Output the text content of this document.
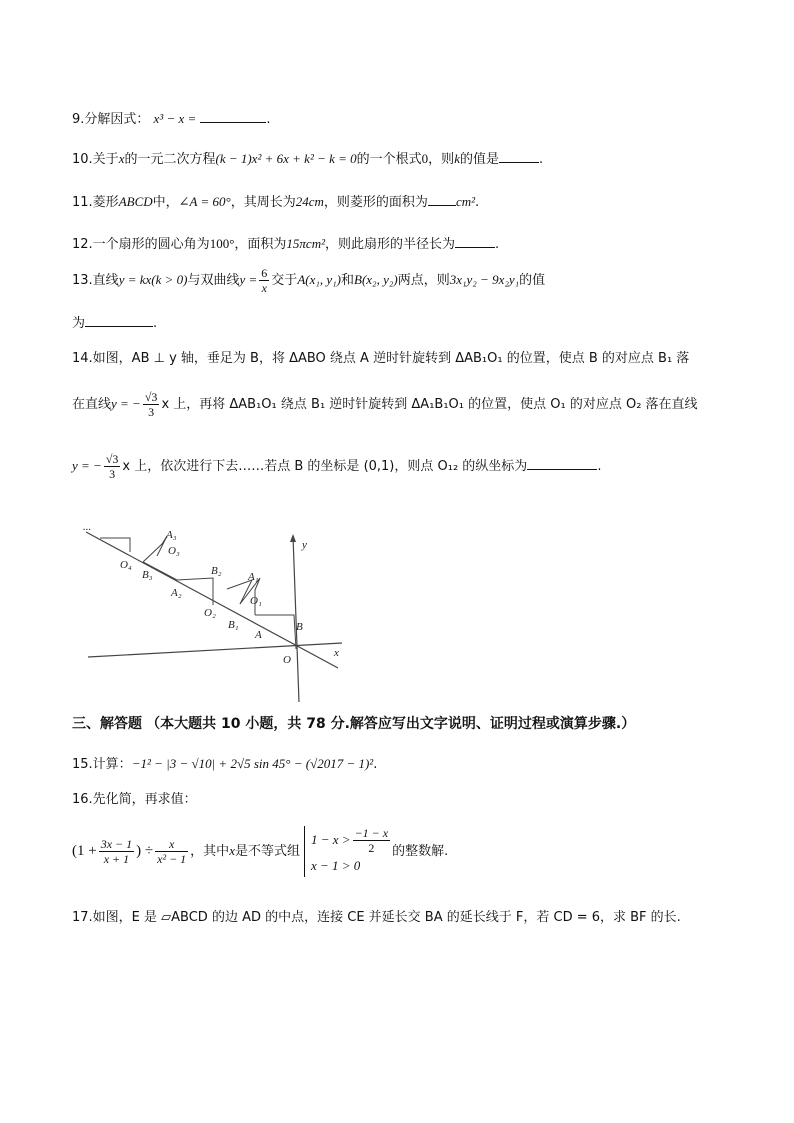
9.分解因式： x³ − x =	.
10.关于x的一元二次方程(k − 1)x² + 6x + k² − k = 0的一个根式0，则k的值是	.
11.菱形ABCD中，∠A = 60°，其周长为24cm，则菱形的面积为 cm².
12.一个扇形的圆心角为100°，面积为15πcm²，则此扇形的半径长为	.
13.直线y = kx(k > 0)与双曲线$y = \frac{6}{x}$ 交于A(x₁, y₁)和B(x₂, y₂)两点，则3x₁y₂ − 9x₂y₁的值
为	.
14.如图，AB ⊥ y 轴，垂足为 B，将 ΔABO 绕点 A 逆时针旋转到 ΔAB₁O₁ 的位置，使点 B 的对应点 B₁ 落
在直线y = − $\frac{√3}{3}$ x 上，再将 ΔAB₁O₁ 绕点 B₁ 逆时针旋转到 ΔA₁B₁O₁ 的位置，使点 O₁ 的对应点 O₂ 落在直线
y = − $\frac{√3}{3}$ x 上，依次进行下去……若点 B 的坐标是 (0,1)，则点 O₁₂ 的纵坐标为	.
...
O₄
B₃
A₃
O₃
A₂
B₂
O₂
A₁
O₁
B₁
A
B
O
x
y
三、解答题 （本大题共 10 小题，共 78 分.解答应写出文字说明、证明过程或演算步骤.）
15.计算：−1² − |3 − √10| + 2√5 sin 45° − (√2017 − 1)².
16.先化简，再求值：
($1 + \frac{3x - 1}{x + 1}$ ) ÷ $\frac{x}{\text{x² − 1}}$ ，其中x是不等式组
$1 - x > \frac{-1 - x}{2}$
x − 1 > 0
的整数解.
17.如图，E 是 ▱ABCD 的边 AD 的中点，连接 CE 并延长交 BA 的延长线于 F，若 CD = 6，求 BF 的长.
